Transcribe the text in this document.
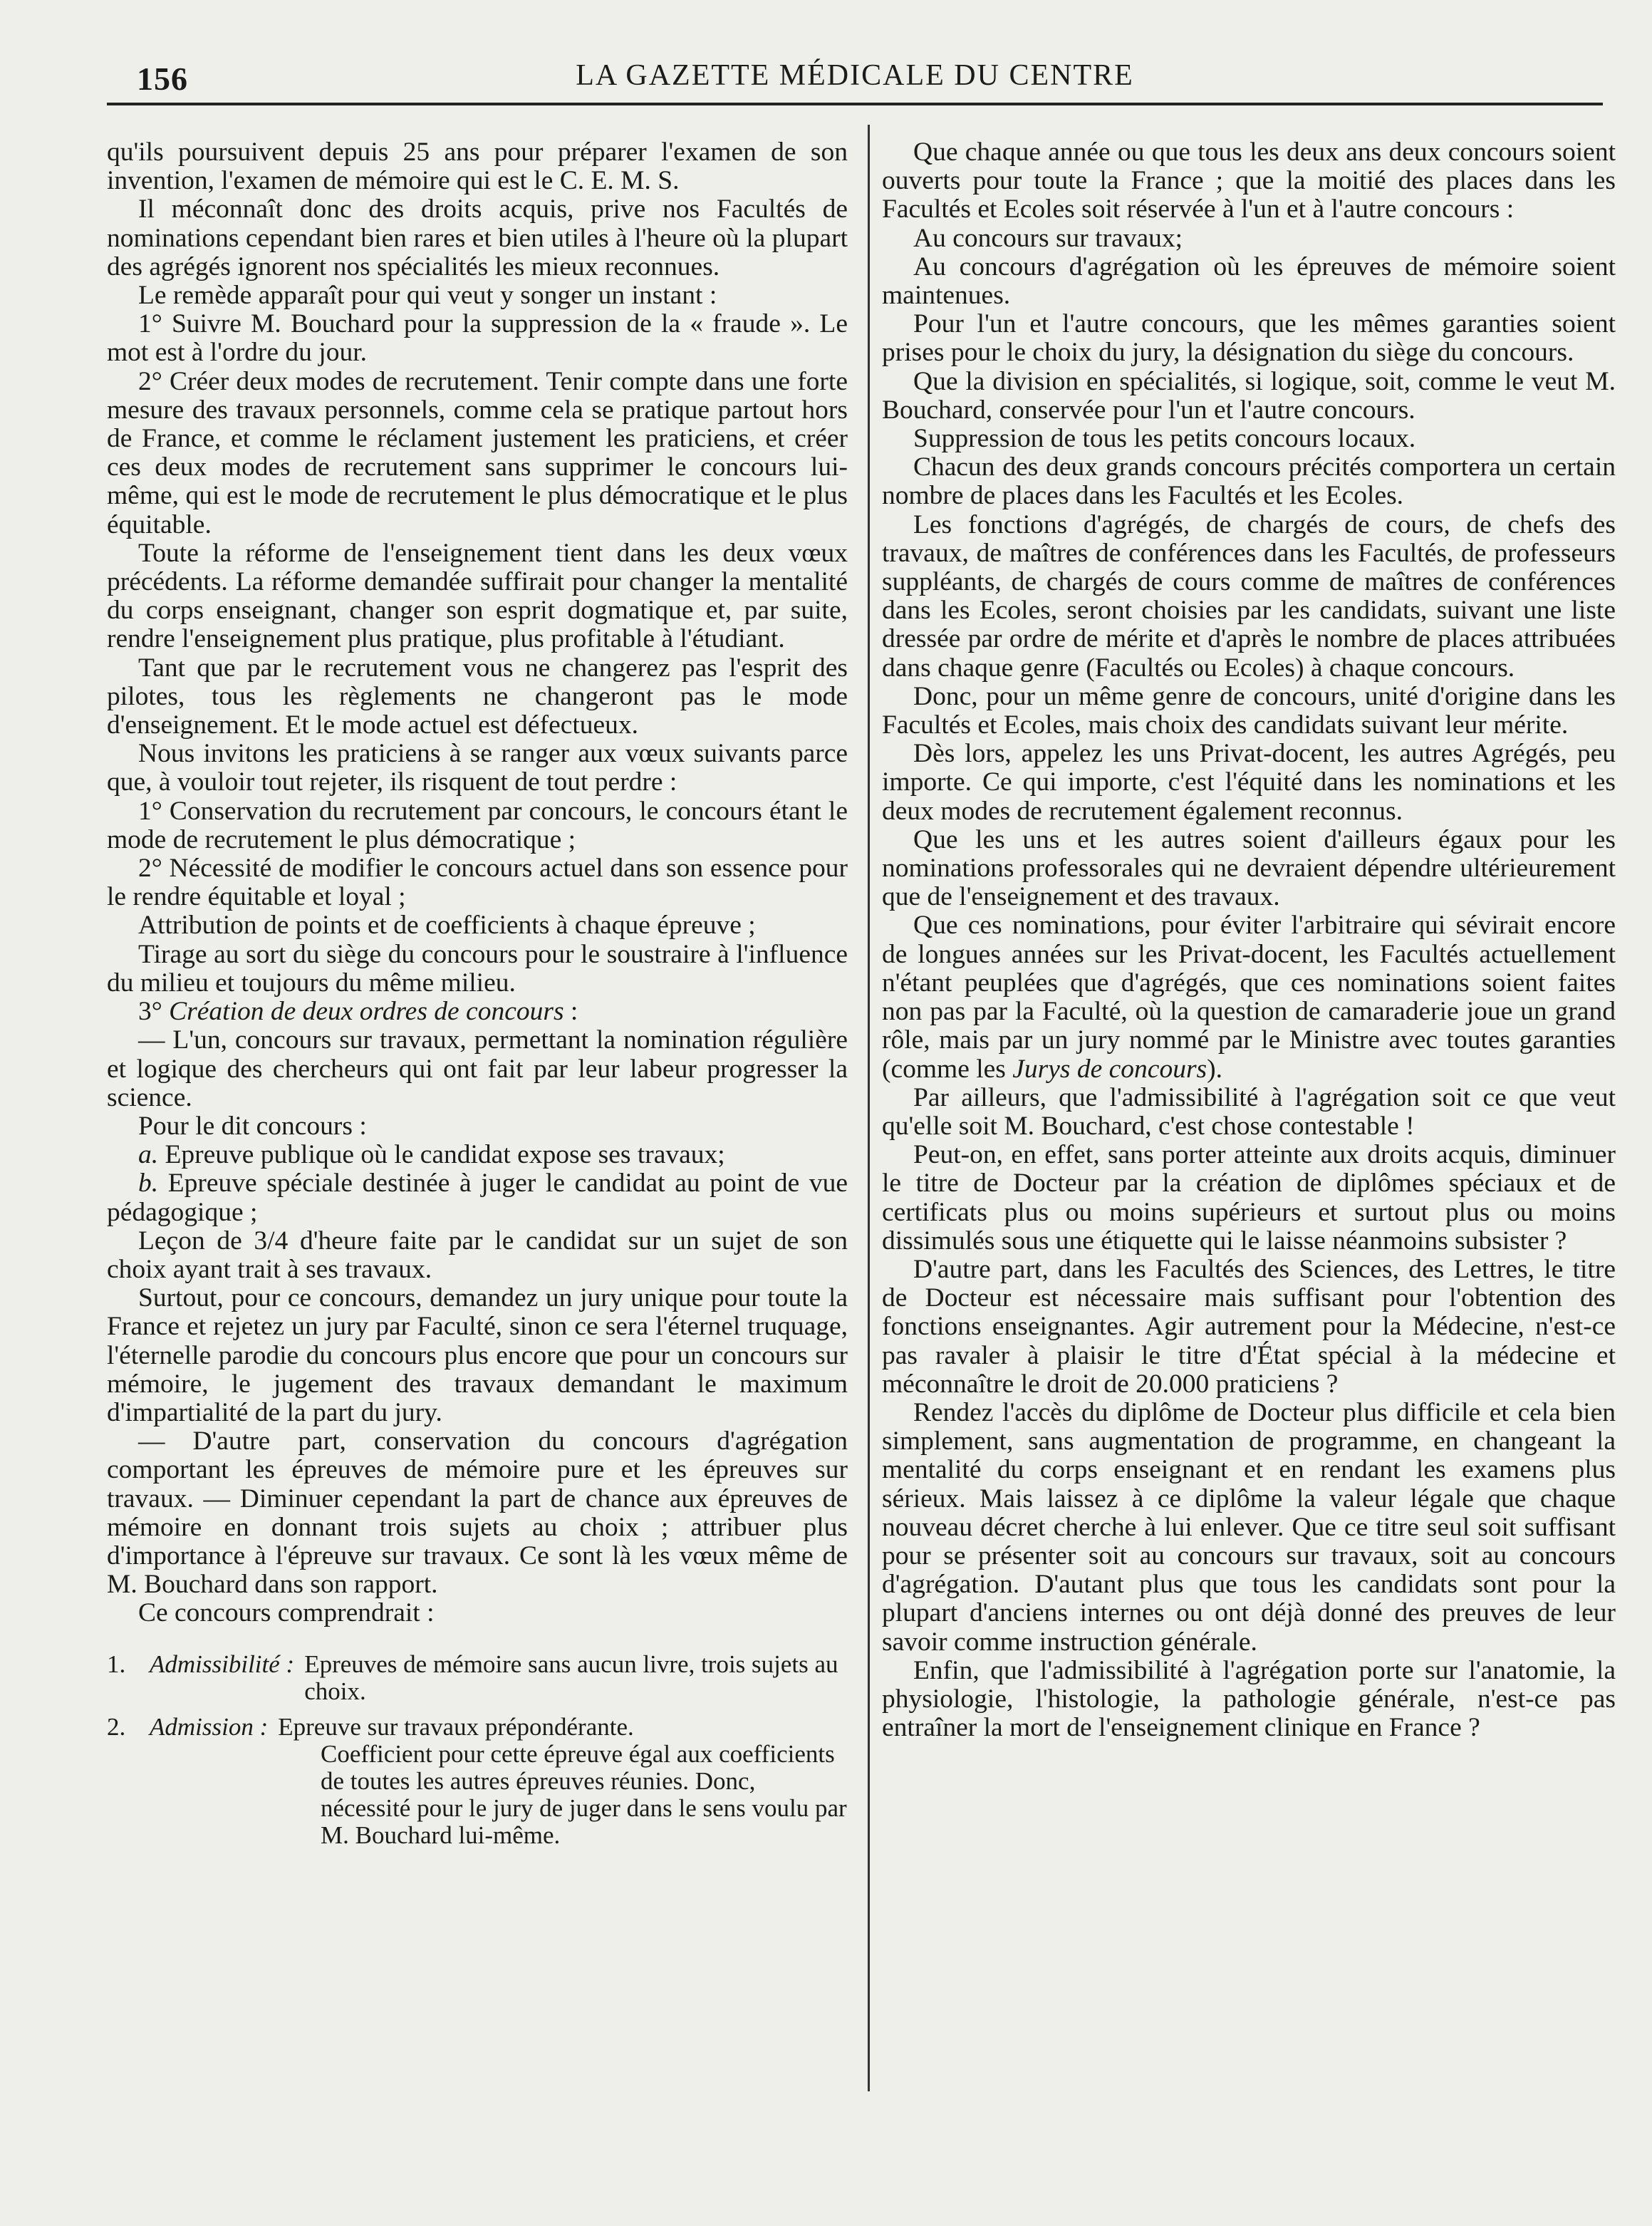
156	LA GAZETTE MÉDICALE DU CENTRE

qu'ils poursuivent depuis 25 ans pour préparer l'examen de son invention, l'examen de mémoire qui est le C. E. M. S.

Il méconnaît donc des droits acquis, prive nos Facultés de nominations cependant bien rares et bien utiles à l'heure où la plupart des agrégés ignorent nos spécialités les mieux reconnues.

Le remède apparaît pour qui veut y songer un instant :

1° Suivre M. Bouchard pour la suppression de la « fraude ». Le mot est à l'ordre du jour.

2° Créer deux modes de recrutement. Tenir compte dans une forte mesure des travaux personnels, comme cela se pratique partout hors de France, et comme le réclament justement les praticiens, et créer ces deux modes de recrutement sans supprimer le concours lui-même, qui est le mode de recrutement le plus démocratique et le plus équitable.

Toute la réforme de l'enseignement tient dans les deux vœux précédents. La réforme demandée suffirait pour changer la mentalité du corps enseignant, changer son esprit dogmatique et, par suite, rendre l'enseignement plus pratique, plus profitable à l'étudiant.

Tant que par le recrutement vous ne changerez pas l'esprit des pilotes, tous les règlements ne changeront pas le mode d'enseignement. Et le mode actuel est défectueux.

Nous invitons les praticiens à se ranger aux vœux suivants parce que, à vouloir tout rejeter, ils risquent de tout perdre :

1° Conservation du recrutement par concours, le concours étant le mode de recrutement le plus démocratique ;

2° Nécessité de modifier le concours actuel dans son essence pour le rendre équitable et loyal ;

Attribution de points et de coefficients à chaque épreuve ;

Tirage au sort du siège du concours pour le soustraire à l'influence du milieu et toujours du même milieu.

3° Création de deux ordres de concours :

— L'un, concours sur travaux, permettant la nomination régulière et logique des chercheurs qui ont fait par leur labeur progresser la science.

Pour le dit concours :

a. Epreuve publique où le candidat expose ses travaux;

b. Epreuve spéciale destinée à juger le candidat au point de vue pédagogique ;

Leçon de 3/4 d'heure faite par le candidat sur un sujet de son choix ayant trait à ses travaux.

Surtout, pour ce concours, demandez un jury unique pour toute la France et rejetez un jury par Faculté, sinon ce sera l'éternel truquage, l'éternelle parodie du concours plus encore que pour un concours sur mémoire, le jugement des travaux demandant le maximum d'impartialité de la part du jury.

— D'autre part, conservation du concours d'agrégation comportant les épreuves de mémoire pure et les épreuves sur travaux. — Diminuer cependant la part de chance aux épreuves de mémoire en donnant trois sujets au choix ; attribuer plus d'importance à l'épreuve sur travaux. Ce sont là les vœux même de M. Bouchard dans son rapport.

Ce concours comprendrait :

1. Admissibilité : Epreuves de mémoire sans aucun livre, trois sujets au choix.
2. Admission : Epreuve sur travaux prépondérante.
Coefficient pour cette épreuve égal aux coefficients de toutes les autres épreuves réunies. Donc, nécessité pour le jury de juger dans le sens voulu par M. Bouchard lui-même.

Que chaque année ou que tous les deux ans deux concours soient ouverts pour toute la France ; que la moitié des places dans les Facultés et Ecoles soit réservée à l'un et à l'autre concours :

Au concours sur travaux;

Au concours d'agrégation où les épreuves de mémoire soient maintenues.

Pour l'un et l'autre concours, que les mêmes garanties soient prises pour le choix du jury, la désignation du siège du concours.

Que la division en spécialités, si logique, soit, comme le veut M. Bouchard, conservée pour l'un et l'autre concours.

Suppression de tous les petits concours locaux.

Chacun des deux grands concours précités comportera un certain nombre de places dans les Facultés et les Ecoles.

Les fonctions d'agrégés, de chargés de cours, de chefs des travaux, de maîtres de conférences dans les Facultés, de professeurs suppléants, de chargés de cours comme de maîtres de conférences dans les Ecoles, seront choisies par les candidats, suivant une liste dressée par ordre de mérite et d'après le nombre de places attribuées dans chaque genre (Facultés ou Ecoles) à chaque concours.

Donc, pour un même genre de concours, unité d'origine dans les Facultés et Ecoles, mais choix des candidats suivant leur mérite.

Dès lors, appelez les uns Privat-docent, les autres Agrégés, peu importe. Ce qui importe, c'est l'équité dans les nominations et les deux modes de recrutement également reconnus.

Que les uns et les autres soient d'ailleurs égaux pour les nominations professorales qui ne devraient dépendre ultérieurement que de l'enseignement et des travaux.

Que ces nominations, pour éviter l'arbitraire qui sévirait encore de longues années sur les Privat-docent, les Facultés actuellement n'étant peuplées que d'agrégés, que ces nominations soient faites non pas par la Faculté, où la question de camaraderie joue un grand rôle, mais par un jury nommé par le Ministre avec toutes garanties (comme les Jurys de concours).

Par ailleurs, que l'admissibilité à l'agrégation soit ce que veut qu'elle soit M. Bouchard, c'est chose contestable !

Peut-on, en effet, sans porter atteinte aux droits acquis, diminuer le titre de Docteur par la création de diplômes spéciaux et de certificats plus ou moins supérieurs et surtout plus ou moins dissimulés sous une étiquette qui le laisse néanmoins subsister ?

D'autre part, dans les Facultés des Sciences, des Lettres, le titre de Docteur est nécessaire mais suffisant pour l'obtention des fonctions enseignantes. Agir autrement pour la Médecine, n'est-ce pas ravaler à plaisir le titre d'État spécial à la médecine et méconnaître le droit de 20.000 praticiens ?

Rendez l'accès du diplôme de Docteur plus difficile et cela bien simplement, sans augmentation de programme, en changeant la mentalité du corps enseignant et en rendant les examens plus sérieux. Mais laissez à ce diplôme la valeur légale que chaque nouveau décret cherche à lui enlever. Que ce titre seul soit suffisant pour se présenter soit au concours sur travaux, soit au concours d'agrégation. D'autant plus que tous les candidats sont pour la plupart d'anciens internes ou ont déjà donné des preuves de leur savoir comme instruction générale.

Enfin, que l'admissibilité à l'agrégation porte sur l'anatomie, la physiologie, l'histologie, la pathologie générale, n'est-ce pas entraîner la mort de l'enseignement clinique en France ?
